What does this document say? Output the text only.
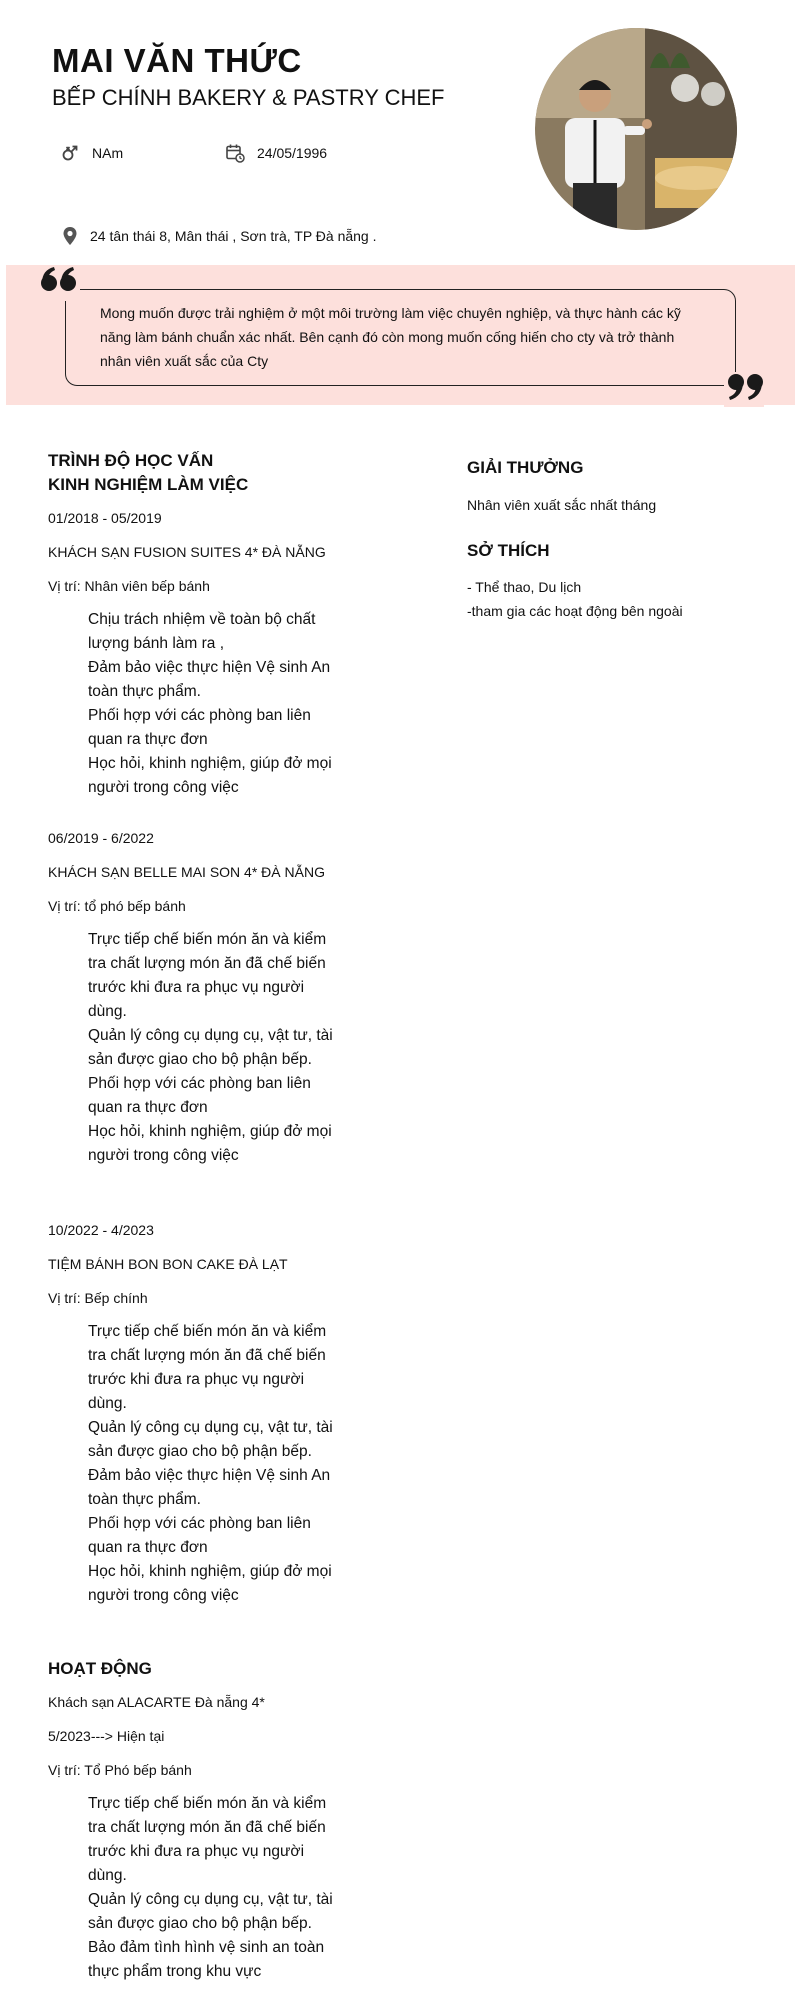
MAI VĂN THỨC
BẾP CHÍNH BAKERY & PASTRY CHEF
NAm	24/05/1996
24 tân thái 8, Mân thái , Sơn trà, TP Đà nẵng .

Mong muốn được trải nghiệm ở một môi trường làm việc chuyên nghiệp, và thực hành các kỹ năng làm bánh chuẩn xác nhất. Bên cạnh đó còn mong muốn cống hiến cho cty và trở thành nhân viên xuất sắc của Cty

TRÌNH ĐỘ HỌC VẤN
KINH NGHIỆM LÀM VIỆC

01/2018 - 05/2019

KHÁCH SẠN FUSION SUITES 4* ĐÀ NẴNG

Vị trí: Nhân viên bếp bánh

Chịu trách nhiệm về toàn bộ chất lượng bánh làm ra ,
Đảm bảo việc thực hiện Vệ sinh An toàn thực phẩm.
Phối hợp với các phòng ban liên quan ra thực đơn
Học hỏi, khinh nghiệm, giúp đở mọi người trong công việc

06/2019 - 6/2022

KHÁCH SẠN BELLE MAI SON 4* ĐÀ NẴNG

Vị trí: tổ phó bếp bánh

Trực tiếp chế biến món ăn và kiểm tra chất lượng món ăn đã chế biến trước khi đưa ra phục vụ người dùng.
Quản lý công cụ dụng cụ, vật tư, tài sản được giao cho bộ phận bếp.
Phối hợp với các phòng ban liên quan ra thực đơn
Học hỏi, khinh nghiệm, giúp đở mọi người trong công việc

10/2022 - 4/2023

TIỆM BÁNH BON BON CAKE ĐÀ LẠT

Vị trí: Bếp chính

Trực tiếp chế biến món ăn và kiểm tra chất lượng món ăn đã chế biến trước khi đưa ra phục vụ người dùng.
Quản lý công cụ dụng cụ, vật tư, tài sản được giao cho bộ phận bếp.
Đảm bảo việc thực hiện Vệ sinh An toàn thực phẩm.
Phối hợp với các phòng ban liên quan ra thực đơn
Học hỏi, khinh nghiệm, giúp đở mọi người trong công việc
HOẠT ĐỘNG

Khách sạn ALACARTE Đà nẵng 4*

5/2023---> Hiện tại

Vị trí: Tổ Phó bếp bánh

Trực tiếp chế biến món ăn và kiểm tra chất lượng món ăn đã chế biến trước khi đưa ra phục vụ người dùng.
Quản lý công cụ dụng cụ, vật tư, tài sản được giao cho bộ phận bếp.
Bảo đảm tình hình vệ sinh an toàn thực phẩm trong khu vực
GIẢI THƯỞNG

Nhân viên xuất sắc nhất tháng

SỞ THÍCH

- Thể thao, Du lịch

-tham gia các hoạt động bên ngoài
